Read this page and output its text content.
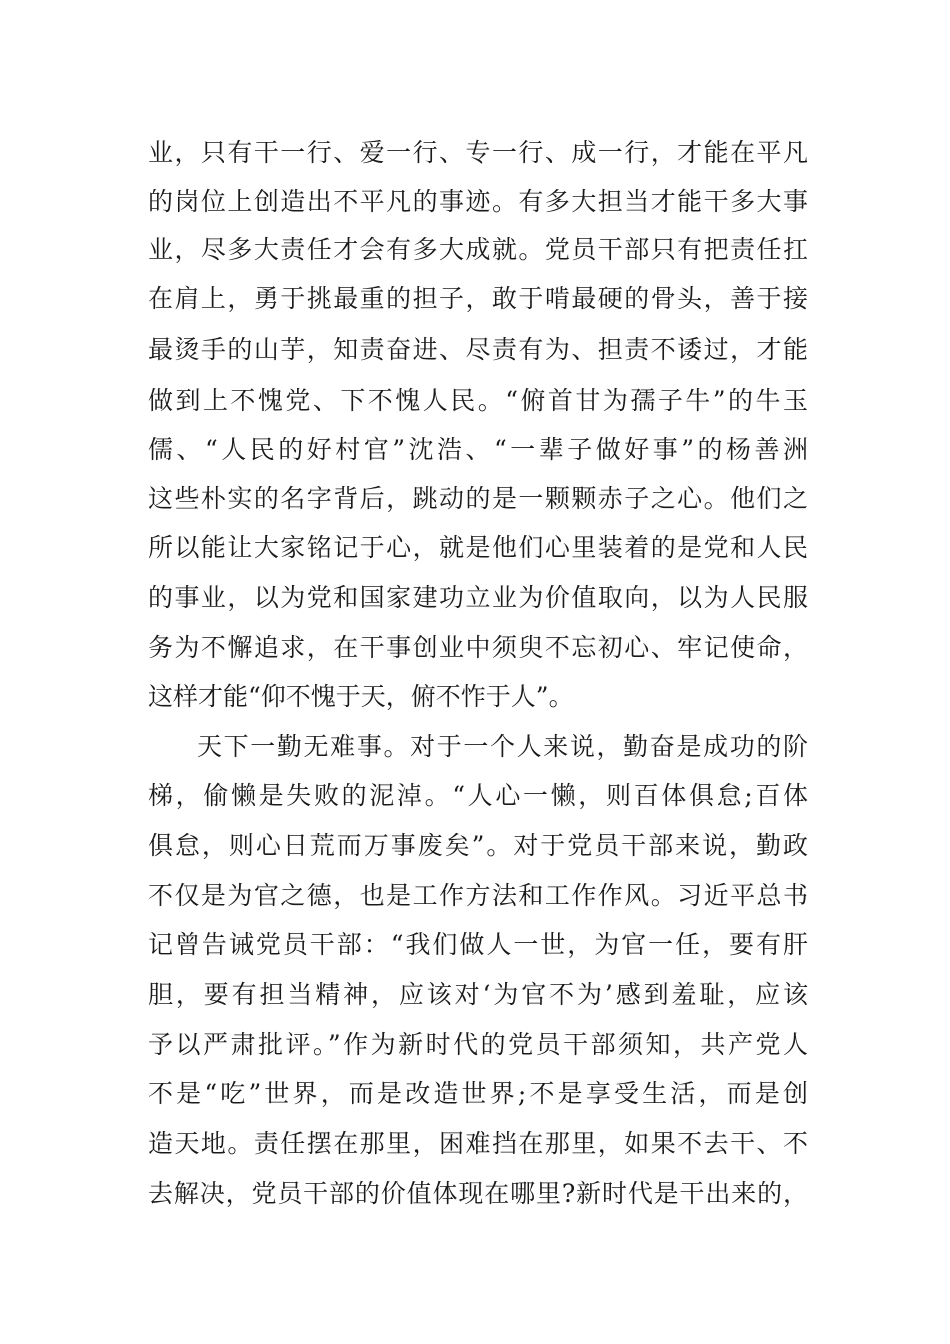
业，只有干一行、爱一行、专一行、成一行，才能在平凡
的岗位上创造出不平凡的事迹。有多大担当才能干多大事
业，尽多大责任才会有多大成就。党员干部只有把责任扛
在肩上，勇于挑最重的担子，敢于啃最硬的骨头，善于接
最烫手的山芋，知责奋进、尽责有为、担责不诿过，才能
做到上不愧党、下不愧人民。“俯首甘为孺子牛”的牛玉
儒、“人民的好村官”沈浩、“一辈子做好事”的杨善洲
这些朴实的名字背后，跳动的是一颗颗赤子之心。他们之
所以能让大家铭记于心，就是他们心里装着的是党和人民
的事业，以为党和国家建功立业为价值取向，以为人民服
务为不懈追求，在干事创业中须臾不忘初心、牢记使命，
这样才能“仰不愧于天，俯不怍于人”。
天下一勤无难事。对于一个人来说，勤奋是成功的阶
梯，偷懒是失败的泥淖。“人心一懒，则百体俱怠;百体
俱怠，则心日荒而万事废矣”。对于党员干部来说，勤政
不仅是为官之德，也是工作方法和工作作风。习近平总书
记曾告诫党员干部：“我们做人一世，为官一任，要有肝
胆，要有担当精神，应该对‘为官不为’感到羞耻，应该
予以严肃批评。”作为新时代的党员干部须知，共产党人
不是“吃”世界，而是改造世界;不是享受生活，而是创
造天地。责任摆在那里，困难挡在那里，如果不去干、不
去解决，党员干部的价值体现在哪里?新时代是干出来的，
